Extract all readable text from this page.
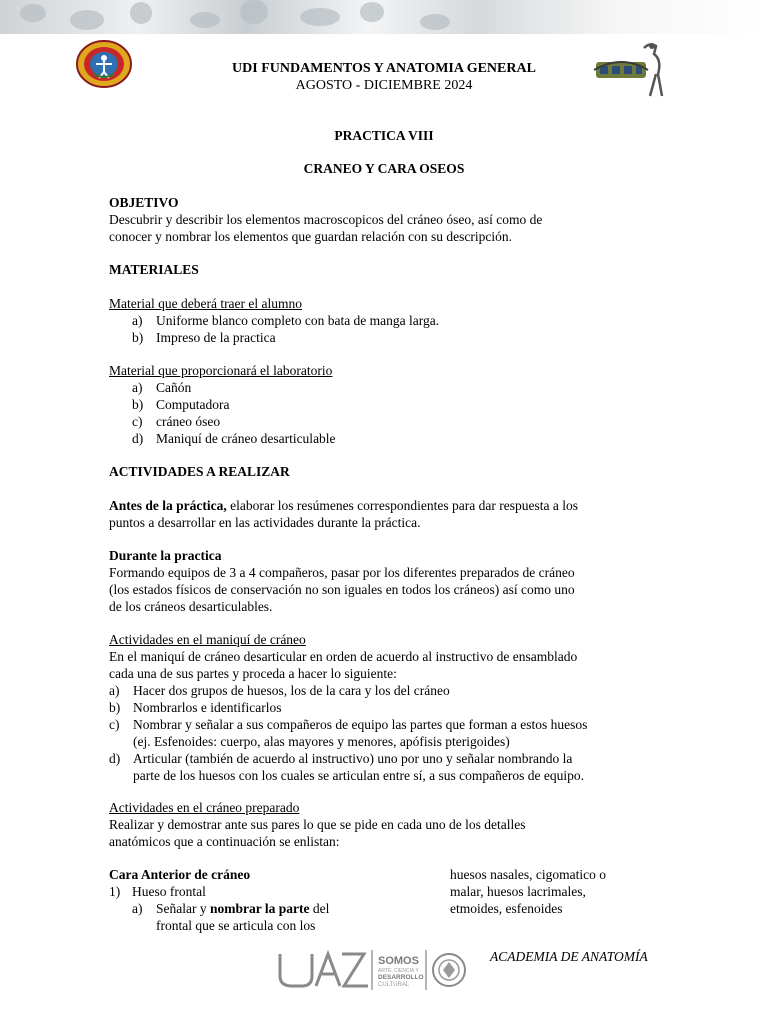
UDI FUNDAMENTOS Y ANATOMIA GENERAL
AGOSTO - DICIEMBRE 2024
PRACTICA VIII
CRANEO Y CARA OSEOS
OBJETIVO
Descubrir y describir los elementos macroscopicos del cráneo óseo, así como de
conocer y nombrar los elementos que guardan relación con su descripción.
MATERIALES
Material que deberá traer el alumno
a) Uniforme blanco completo con bata de manga larga.
b) Impreso de la practica
Material que proporcionará el laboratorio
a) Cañón
b) Computadora
c) cráneo óseo
d) Maniquí de cráneo desarticulable
ACTIVIDADES A REALIZAR
Antes de la práctica, elaborar los resúmenes correspondientes para dar respuesta a los
puntos a desarrollar en las actividades durante la práctica.
Durante la practica
Formando equipos de 3 a 4 compañeros, pasar por los diferentes preparados de cráneo
(los estados físicos de conservación no son iguales en todos los cráneos) así como uno
de los cráneos desarticulables.
Actividades en el maniquí de cráneo
En el maniquí de cráneo desarticular en orden de acuerdo al instructivo de ensamblado
cada una de sus partes y proceda a hacer lo siguiente:
a) Hacer dos grupos de huesos, los de la cara y los del cráneo
b) Nombrarlos e identificarlos
c) Nombrar y señalar a sus compañeros de equipo las partes que forman a estos huesos
(ej. Esfenoides: cuerpo, alas mayores y menores, apófisis pterigoides)
d) Articular (también de acuerdo al instructivo) uno por uno y señalar nombrando la
parte de los huesos con los cuales se articulan entre sí, a sus compañeros de equipo.
Actividades en el cráneo preparado
Realizar y demostrar ante sus pares lo que se pide en cada uno de los detalles
anatómicos que a continuación se enlistan:
Cara Anterior de cráneo
1) Hueso frontal
a) Señalar y nombrar la parte del
frontal que se articula con los
huesos nasales, cigomatico o
malar, huesos lacrimales,
etmoides, esfenoides
SOMOS
ARTE, CIENCIA Y
DESARROLLO
CULTURAL
ACADEMIA DE ANATOMÍA
